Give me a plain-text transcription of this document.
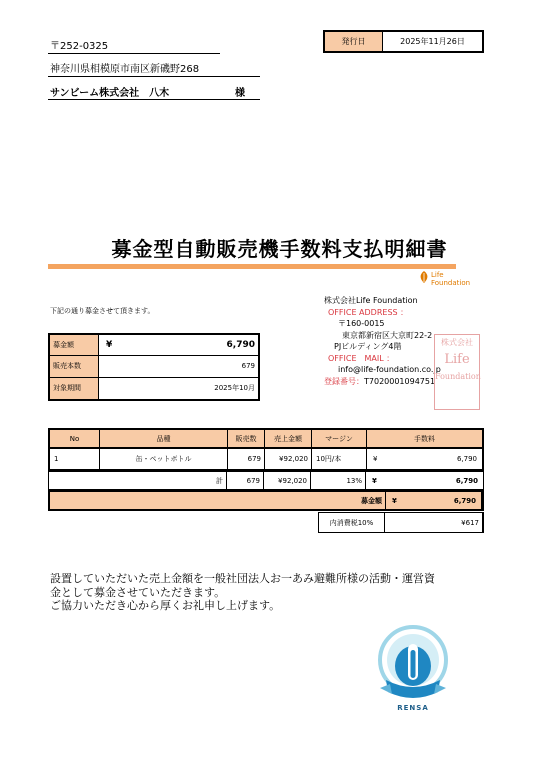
〒252-0325
神奈川県相模原市南区新磯野268
サンビーム株式会社　八木	様
発行日	2025年11月26日
募金型自動販売機手数料支払明細書
Life
Foundation
下記の通り募金させて頂きます。
株式会社Life Foundation
OFFICE ADDRESS ：
〒160-0015
東京都新宿区大京町22-2
PJビルディング4階
OFFICE　MAIL ：
info@life-foundation.co.jp
登録番号：T7020001094751
株式会社
Life
Foundation
募金額	¥	6,790
販売本数	679
対象期間	2025年10月
No	品種	販売数	売上金額	マージン	手数料
1	缶・ペットボトル	679	¥92,020	10円/本	¥	6,790
計	679	¥92,020	13%	¥	6,790
募金額	¥	6,790
内消費税10%	¥617
設置していただいた売上金額を一般社団法人お一あみ避難所様の活動・運営資
金として募金させていただきます。
ご協力いただき心から厚くお礼申し上げます。
RENSA
